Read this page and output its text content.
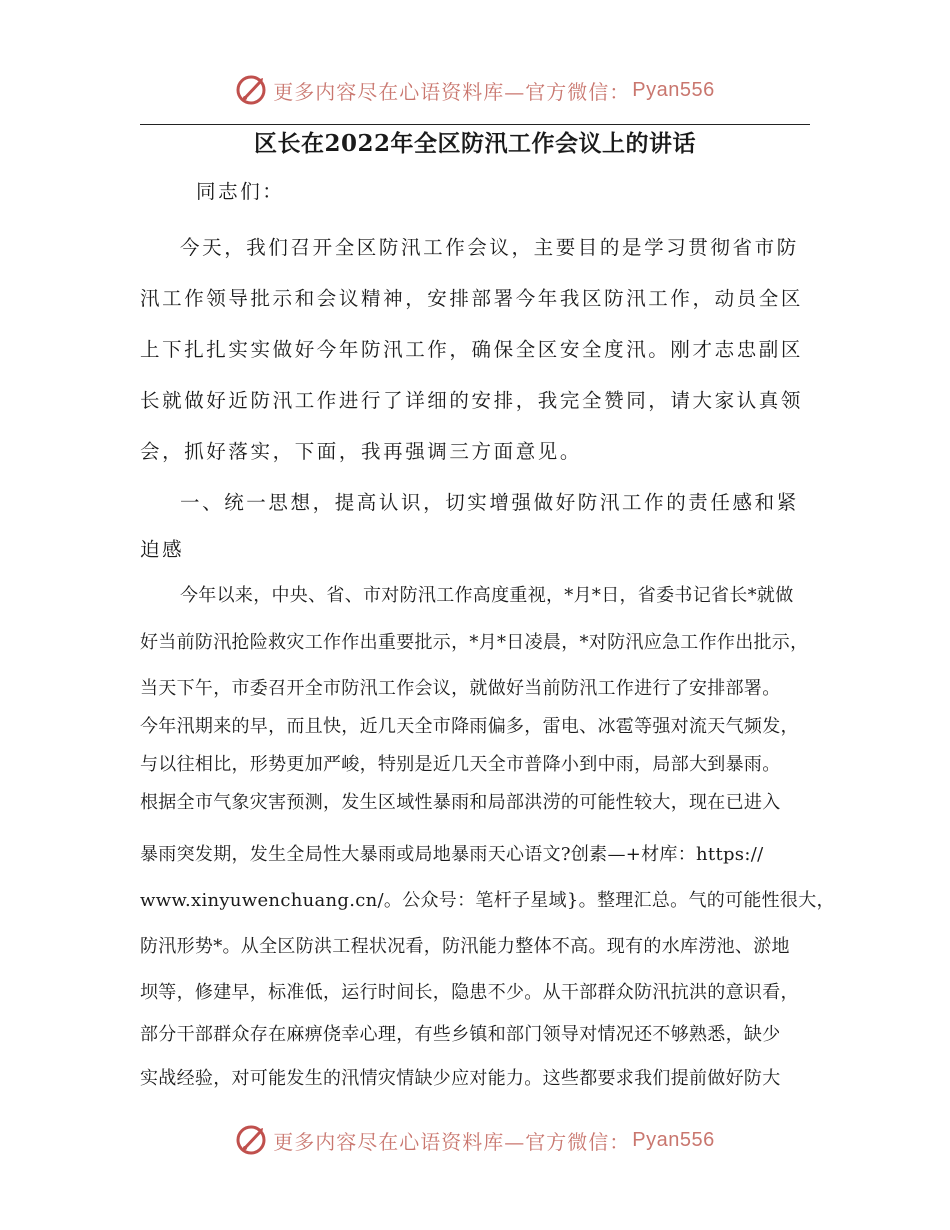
更多内容尽在心语资料库—官方微信： Pyan556
区长在2022年全区防汛工作会议上的讲话
同志们：
今天，我们召开全区防汛工作会议，主要目的是学习贯彻省市防
汛工作领导批示和会议精神，安排部署今年我区防汛工作，动员全区
上下扎扎实实做好今年防汛工作，确保全区安全度汛。刚才志忠副区
长就做好近防汛工作进行了详细的安排，我完全赞同，请大家认真领
会，抓好落实，下面，我再强调三方面意见。
一、统一思想，提高认识，切实增强做好防汛工作的责任感和紧
迫感
今年以来，中央、省、市对防汛工作高度重视，*月*日，省委书记省长*就做
好当前防汛抢险救灾工作作出重要批示，*月*日凌晨，*对防汛应急工作作出批示，
当天下午，市委召开全市防汛工作会议，就做好当前防汛工作进行了安排部署。
今年汛期来的早，而且快，近几天全市降雨偏多，雷电、冰雹等强对流天气频发，
与以往相比，形势更加严峻，特别是近几天全市普降小到中雨，局部大到暴雨。
根据全市气象灾害预测，发生区域性暴雨和局部洪涝的可能性较大，现在已进入
暴雨突发期，发生全局性大暴雨或局地暴雨天心语文?创素—+材库：https://
www.xinyuwenchuang.cn/。公众号：笔杆子星域}。整理汇总。气的可能性很大，
防汛形势*。从全区防洪工程状况看，防汛能力整体不高。现有的水库涝池、淤地
坝等，修建早，标准低，运行时间长，隐患不少。从干部群众防汛抗洪的意识看，
部分干部群众存在麻痹侥幸心理，有些乡镇和部门领导对情况还不够熟悉，缺少
实战经验，对可能发生的汛情灾情缺少应对能力。这些都要求我们提前做好防大
更多内容尽在心语资料库—官方微信： Pyan556
